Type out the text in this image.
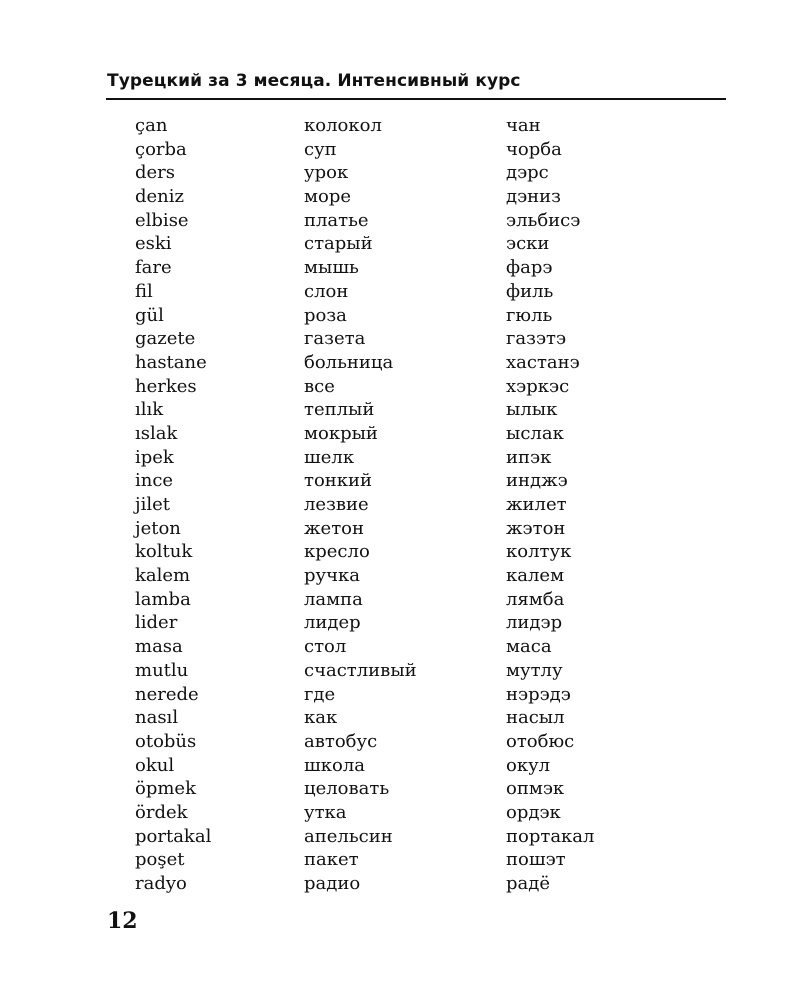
Турецкий за 3 месяца. Интенсивный курс
çan	колокол	чан
çorba	суп	чорба
ders	урок	дэрс
deniz	море	дэниз
elbise	платье	эльбисэ
eski	старый	эски
fare	мышь	фарэ
fil	слон	филь
gül	роза	гюль
gazete	газета	газэтэ
hastane	больница	хастанэ
herkes	все	хэркэс
ılık	теплый	ылык
ıslak	мокрый	ыслак
ipek	шелк	ипэк
ince	тонкий	инджэ
jilet	лезвие	жилет
jeton	жетон	жэтон
koltuk	кресло	колтук
kalem	ручка	калем
lamba	лампа	лямба
lider	лидер	лидэр
masa	стол	маса
mutlu	счастливый	мутлу
nerede	где	нэрэдэ
nasıl	как	насыл
otobüs	автобус	отобюс
okul	школа	окул
öpmek	целовать	опмэк
ördek	утка	ордэк
portakal	апельсин	портакал
poşet	пакет	пошэт
radyo	радио	радё
12
